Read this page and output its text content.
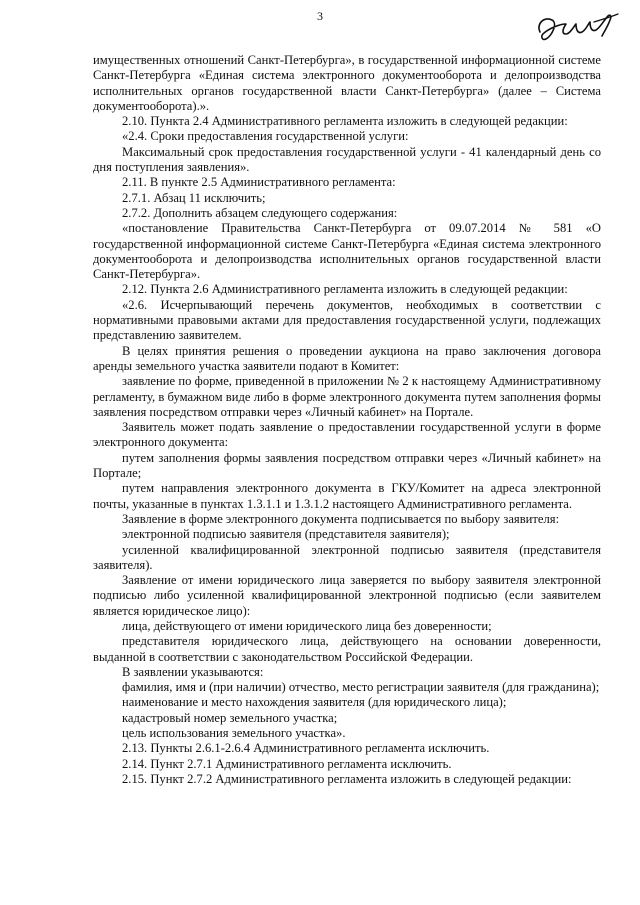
3

имущественных отношений Санкт-Петербурга», в государственной информационной системе Санкт-Петербурга «Единая система электронного документооборота и делопроизводства исполнительных органов государственной власти Санкт-Петербурга» (далее – Система документооборота).».

2.10. Пункта 2.4 Административного регламента изложить в следующей редакции:

«2.4. Сроки предоставления государственной услуги:

Максимальный срок предоставления государственной услуги - 41 календарный день со дня поступления заявления».

2.11. В пункте 2.5 Административного регламента:

2.7.1. Абзац 11 исключить;

2.7.2. Дополнить абзацем следующего содержания:

«постановление Правительства Санкт-Петербурга от 09.07.2014 № 581 «О государственной информационной системе Санкт-Петербурга «Единая система электронного документооборота и делопроизводства исполнительных органов государственной власти Санкт-Петербурга».

2.12. Пункта 2.6 Административного регламента изложить в следующей редакции:

«2.6. Исчерпывающий перечень документов, необходимых в соответствии с нормативными правовыми актами для предоставления государственной услуги, подлежащих представлению заявителем.

В целях принятия решения о проведении аукциона на право заключения договора аренды земельного участка заявители подают в Комитет:

заявление по форме, приведенной в приложении № 2 к настоящему Административному регламенту, в бумажном виде либо в форме электронного документа путем заполнения формы заявления посредством отправки через «Личный кабинет» на Портале.

Заявитель может подать заявление о предоставлении государственной услуги в форме электронного документа:

путем заполнения формы заявления посредством отправки через «Личный кабинет» на Портале;

путем направления электронного документа в ГКУ/Комитет на адреса электронной почты, указанные в пунктах 1.3.1.1 и 1.3.1.2 настоящего Административного регламента.

Заявление в форме электронного документа подписывается по выбору заявителя:

электронной подписью заявителя (представителя заявителя);

усиленной квалифицированной электронной подписью заявителя (представителя заявителя).

Заявление от имени юридического лица заверяется по выбору заявителя электронной подписью либо усиленной квалифицированной электронной подписью (если заявителем является юридическое лицо):

лица, действующего от имени юридического лица без доверенности;

представителя юридического лица, действующего на основании доверенности, выданной в соответствии с законодательством Российской Федерации.

В заявлении указываются:

фамилия, имя и (при наличии) отчество, место регистрации заявителя (для гражданина);

наименование и место нахождения заявителя (для юридического лица);

кадастровый номер земельного участка;

цель использования земельного участка».

2.13. Пункты 2.6.1-2.6.4 Административного регламента исключить.

2.14. Пункт 2.7.1 Административного регламента исключить.

2.15. Пункт 2.7.2 Административного регламента изложить в следующей редакции:
